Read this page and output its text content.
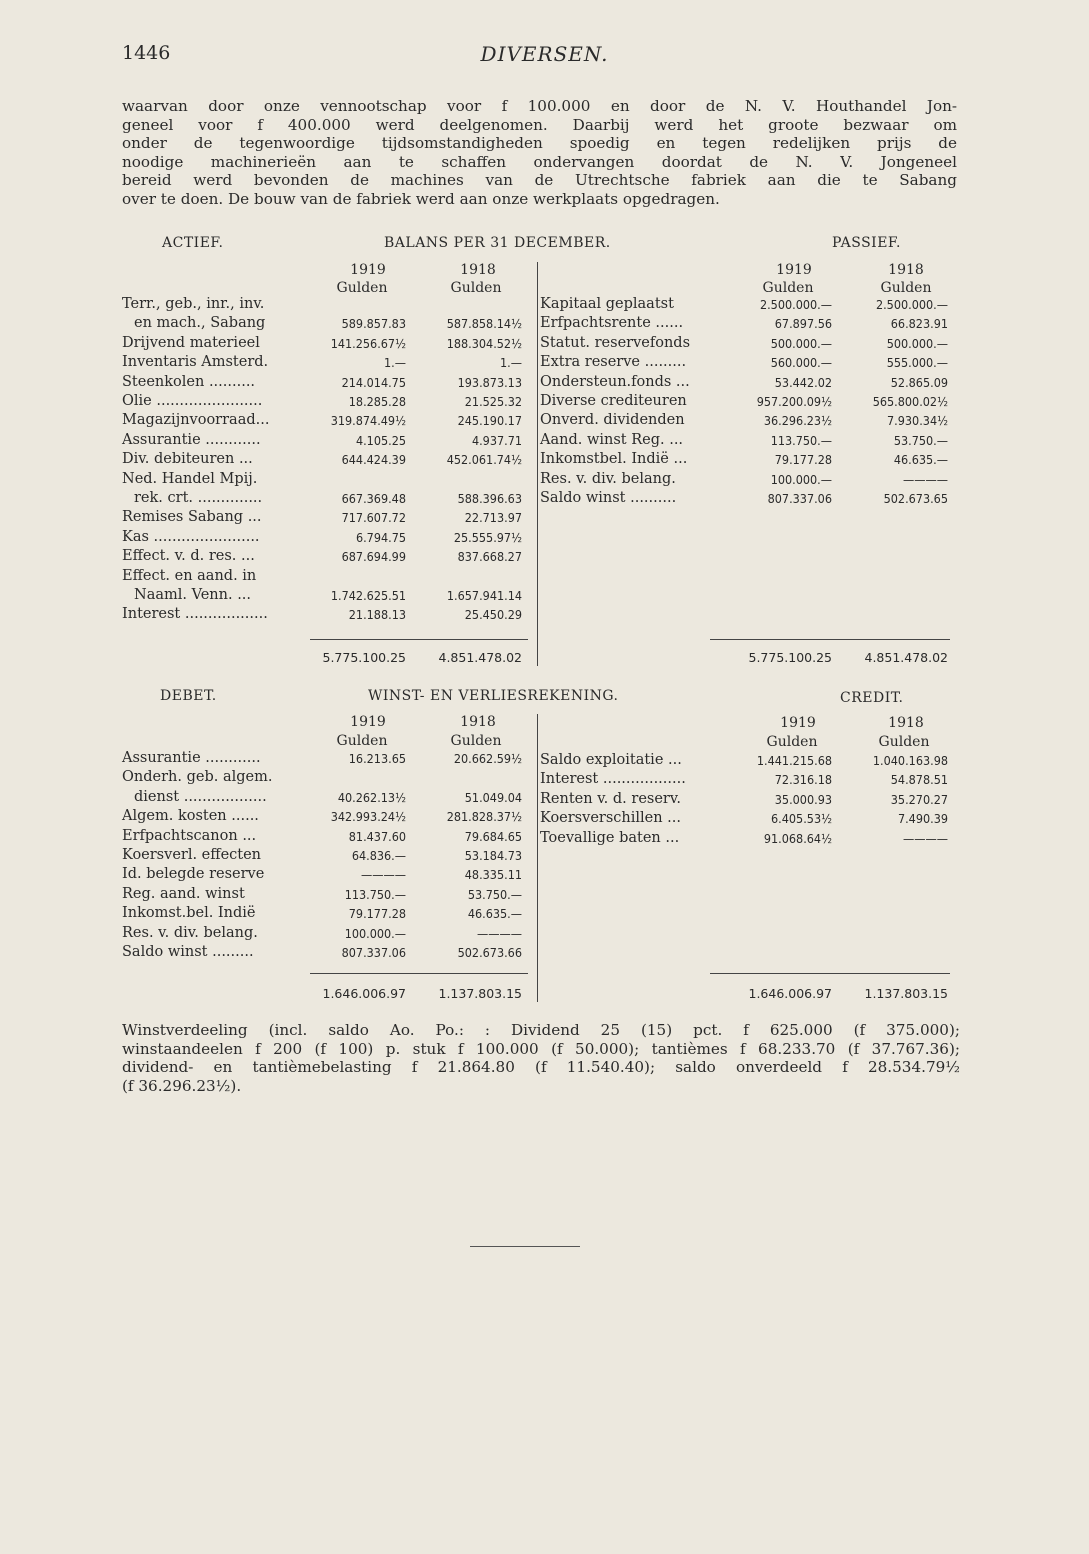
1446	DIVERSEN.
waarvan door onze vennootschap voor f 100.000 en door de N. V. Houthandel Jon-
geneel voor f 400.000 werd deelgenomen. Daarbij werd het groote bezwaar om
onder de tegenwoordige tijdsomstandigheden spoedig en tegen redelijken prijs de
noodige machinerieën aan te schaffen ondervangen doordat de N. V. Jongeneel
bereid werd bevonden de machines van de Utrechtsche fabriek aan die te Sabang
over te doen. De bouw van de fabriek werd aan onze werkplaats opgedragen.
ACTIEF.	BALANS PER 31 DECEMBER.	PASSIEF.
1919	1918
Gulden	Gulden
1919	1918
Gulden	Gulden
Terr., geb., inr., inv.
en mach., Sabang	589.857.83	587.858.14½
Drijvend materieel	141.256.67½	188.304.52½
Inventaris Amsterd.	1.—	1.—
Steenkolen ..........	214.014.75	193.873.13
Olie .......................	18.285.28	21.525.32
Magazijnvoorraad...	319.874.49½	245.190.17
Assurantie ............	4.105.25	4.937.71
Div. debiteuren ...	644.424.39	452.061.74½
Ned. Handel Mpij.
rek. crt. ..............	667.369.48	588.396.63
Remises Sabang ...	717.607.72	22.713.97
Kas .......................	6.794.75	25.555.97½
Effect. v. d. res. ...	687.694.99	837.668.27
Effect. en aand. in
Naaml. Venn. ...	1.742.625.51	1.657.941.14
Interest ..................	21.188.13	25.450.29
Kapitaal geplaatst	2.500.000.—	2.500.000.—
Erfpachtsrente ......	67.897.56	66.823.91
Statut. reservefonds	500.000.—	500.000.—
Extra reserve .........	560.000.—	555.000.—
Ondersteun.fonds ...	53.442.02	52.865.09
Diverse crediteuren	957.200.09½	565.800.02½
Onverd. dividenden	36.296.23½	7.930.34½
Aand. winst Reg. ...	113.750.—	53.750.—
Inkomstbel. Indië ...	79.177.28	46.635.—
Res. v. div. belang.	100.000.—	————
Saldo winst ..........	807.337.06	502.673.65
5.775.100.25	4.851.478.02	5.775.100.25	4.851.478.02
DEBET.	WINST- EN VERLIESREKENING.	CREDIT.
1919	1918
Gulden	Gulden
1919	1918
Gulden	Gulden
Assurantie ............	16.213.65	20.662.59½
Onderh. geb. algem.
dienst ..................	40.262.13½	51.049.04
Algem. kosten ......	342.993.24½	281.828.37½
Erfpachtscanon ...	81.437.60	79.684.65
Koersverl. effecten	64.836.—	53.184.73
Id. belegde reserve	————	48.335.11
Reg. aand. winst	113.750.—	53.750.—
Inkomst.bel. Indië	79.177.28	46.635.—
Res. v. div. belang.	100.000.—	————
Saldo winst .........	807.337.06	502.673.66
Saldo exploitatie ...	1.441.215.68	1.040.163.98
Interest ..................	72.316.18	54.878.51
Renten v. d. reserv.	35.000.93	35.270.27
Koersverschillen ...	6.405.53½	7.490.39
Toevallige baten ...	91.068.64½	————
1.646.006.97	1.137.803.15	1.646.006.97	1.137.803.15
Winstverdeeling (incl. saldo Ao. Po.: : Dividend 25 (15) pct. f 625.000 (f 375.000);
winstaandeelen f 200 (f 100) p. stuk f 100.000 (f 50.000); tantièmes f 68.233.70 (f 37.767.36);
dividend- en tantièmebelasting f 21.864.80 (f 11.540.40); saldo onverdeeld f 28.534.79½
(f 36.296.23½).
